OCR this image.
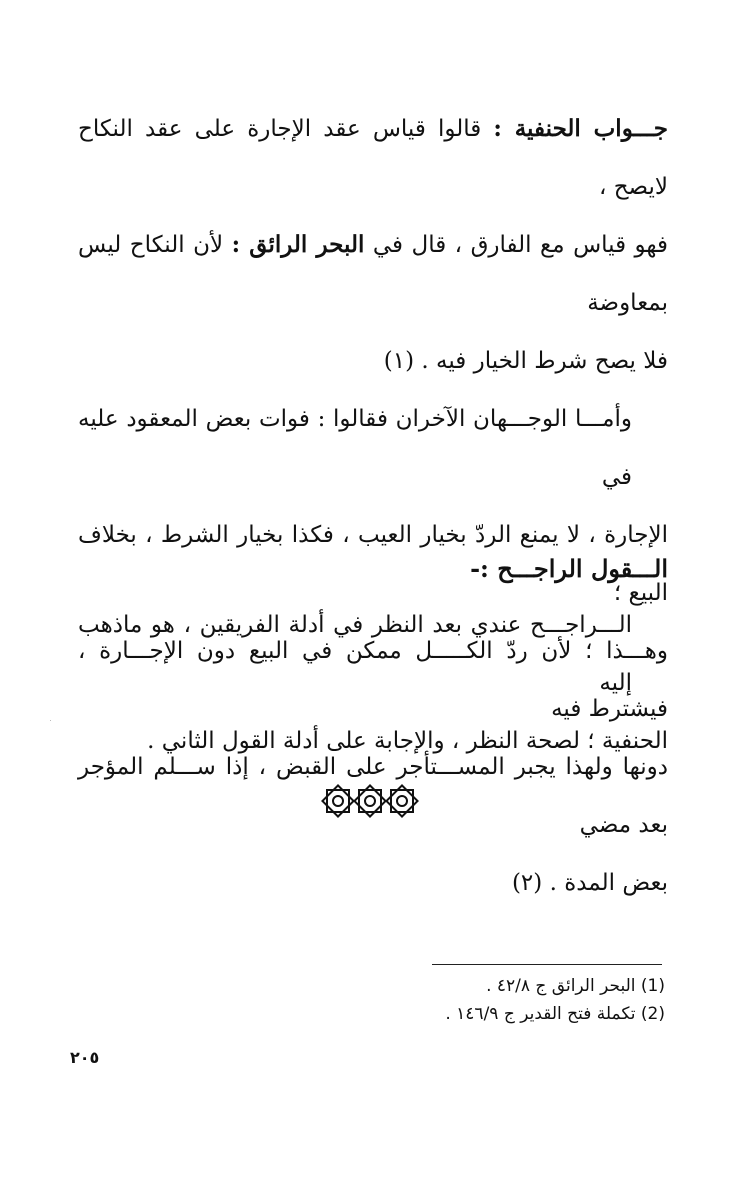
جـــواب الحنفية : قالوا قياس عقد الإجارة على عقد النكاح لايصح ،

فهو قياس مع الفارق ، قال في البحر الرائق : لأن النكاح ليس بمعاوضة

فلا يصح شرط الخيار فيه . (١)

وأمـــا الوجـــهان الآخران فقالوا : فوات بعض المعقود عليه في

الإجارة ، لا يمنع الردّ بخيار العيب ، فكذا بخيار الشرط ، بخلاف البيع ؛

وهـــذا ؛ لأن ردّ الكـــــل ممكن في البيع دون الإجـــارة ، فيشترط فيه

دونها ولهذا يجبر المســـتأجر على القبض ، إذا ســـلم المؤجر بعد مضي

بعض المدة . (٢)

الـــقول الراجـــح :-

الـــراجـــح عندي بعد النظر في أدلة الفريقين ، هو ماذهب إليه

الحنفية ؛ لصحة النظر ، والإجابة على أدلة القول الثاني .

(1) البحر الرائق ج ٤٢/٨ .

(2) تكملة فتح القدير ج ١٤٦/٩ .

٢٠٥
